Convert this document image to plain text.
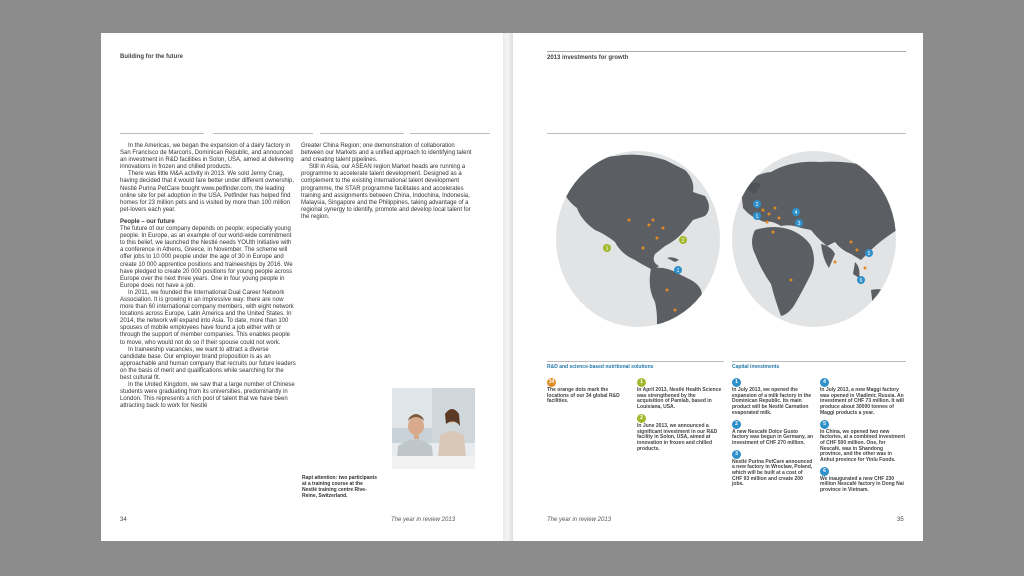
Building for the future

In the Americas, we began the expansion of a dairy factory in San Francisco de Marcoris, Dominican Republic, and announced an investment in R&D facilities in Solon, USA, aimed at delivering innovations in frozen and chilled products.

There was little M&A activity in 2013. We sold Jenny Craig, having decided that it would fare better under different ownership. Nestlé Purina PetCare bought www.petfinder.com, the leading online site for pet adoption in the USA. Petfinder has helped find homes for 23 million pets and is visited by more than 100 million pet-lovers each year.

People – our future

The future of our company depends on people; especially young people. In Europe, as an example of our world-wide commitment to this belief, we launched the Nestlé needs YOUth Initiative with a conference in Athens, Greece, in November. The scheme will offer jobs to 10 000 people under the age of 30 in Europe and create 10 000 apprentice positions and traineeships by 2016. We have pledged to create 20 000 positions for young people across Europe over the next three years. One in four young people in Europe does not have a job.

In 2011, we founded the International Dual Career Network Association. It is growing in an impressive way: there are now more than 60 international company members, with eight network locations across Europe, Latin America and the United States. In 2014, the network will expand into Asia. To date, more than 100 spouses of mobile employees have found a job either with or through the support of member companies. This enables people to move, who would not do so if their spouse could not work.

In traineeship vacancies, we want to attract a diverse candidate base. Our employer brand proposition is as an approachable and human company that recruits our future leaders on the basis of merit and qualifications while searching for the best cultural fit.

In the United Kingdom, we saw that a large number of Chinese students were graduating from its universities, predominantly in London. This represents a rich pool of talent that we have been attracting back to work for Nestlé

Greater China Region; one demonstration of collaboration between our Markets and a unified approach to identifying talent and creating talent pipelines.

Still in Asia, our ASEAN region Market heads are running a programme to accelerate talent development. Designed as a complement to the existing international talent development programme, the STAR programme facilitates and accelerates training and assignments between China, Indochina, Indonesia, Malaysia, Singapore and the Philippines, taking advantage of a regional synergy to identify, promote and develop local talent for the region.

Rapt attention: two participants at a training course at the Nestlé training centre Rive-Reine, Switzerland.
34	The year in review 2013
2013 investments for growth
1
2
1
1
2
3
4
5
6
R&D and science-based nutritional solutions	Capital investments
34

The orange dots mark the locations of our 34 global R&D facilities.

1

In April 2013, Nestlé Health Science was strengthened by the acquisition of Pamlab, based in Louisiana, USA.

2

In June 2013, we announced a significant investment in our R&D facility in Solon, USA, aimed at innovation in frozen and chilled products.

1

In July 2013, we opened the expansion of a milk factory in the Dominican Republic. Its main product will be Nestlé Carnation evaporated milk.

2

A new Nescafé Dolce Gusto factory was begun in Germany, an investment of CHF 270 million.

3

Nestlé Purina PetCare announced a new factory in Wroclaw, Poland, which will be built at a cost of CHF 93 million and create 200 jobs.

4

In July 2013, a new Maggi factory was opened in Vladimir, Russia. An investment of CHF 73 million. It will produce about 30000 tonnes of Maggi products a year.

5

In China, we opened two new factories, at a combined investment of CHF 500 million. One, for Nescafé, was in Shandong province, and the other was in Anhui province for Yinlu Foods.

6

We inaugurated a new CHF 230 million Nescafé factory in Dong Nai province in Vietnam.

The year in review 2013	35
